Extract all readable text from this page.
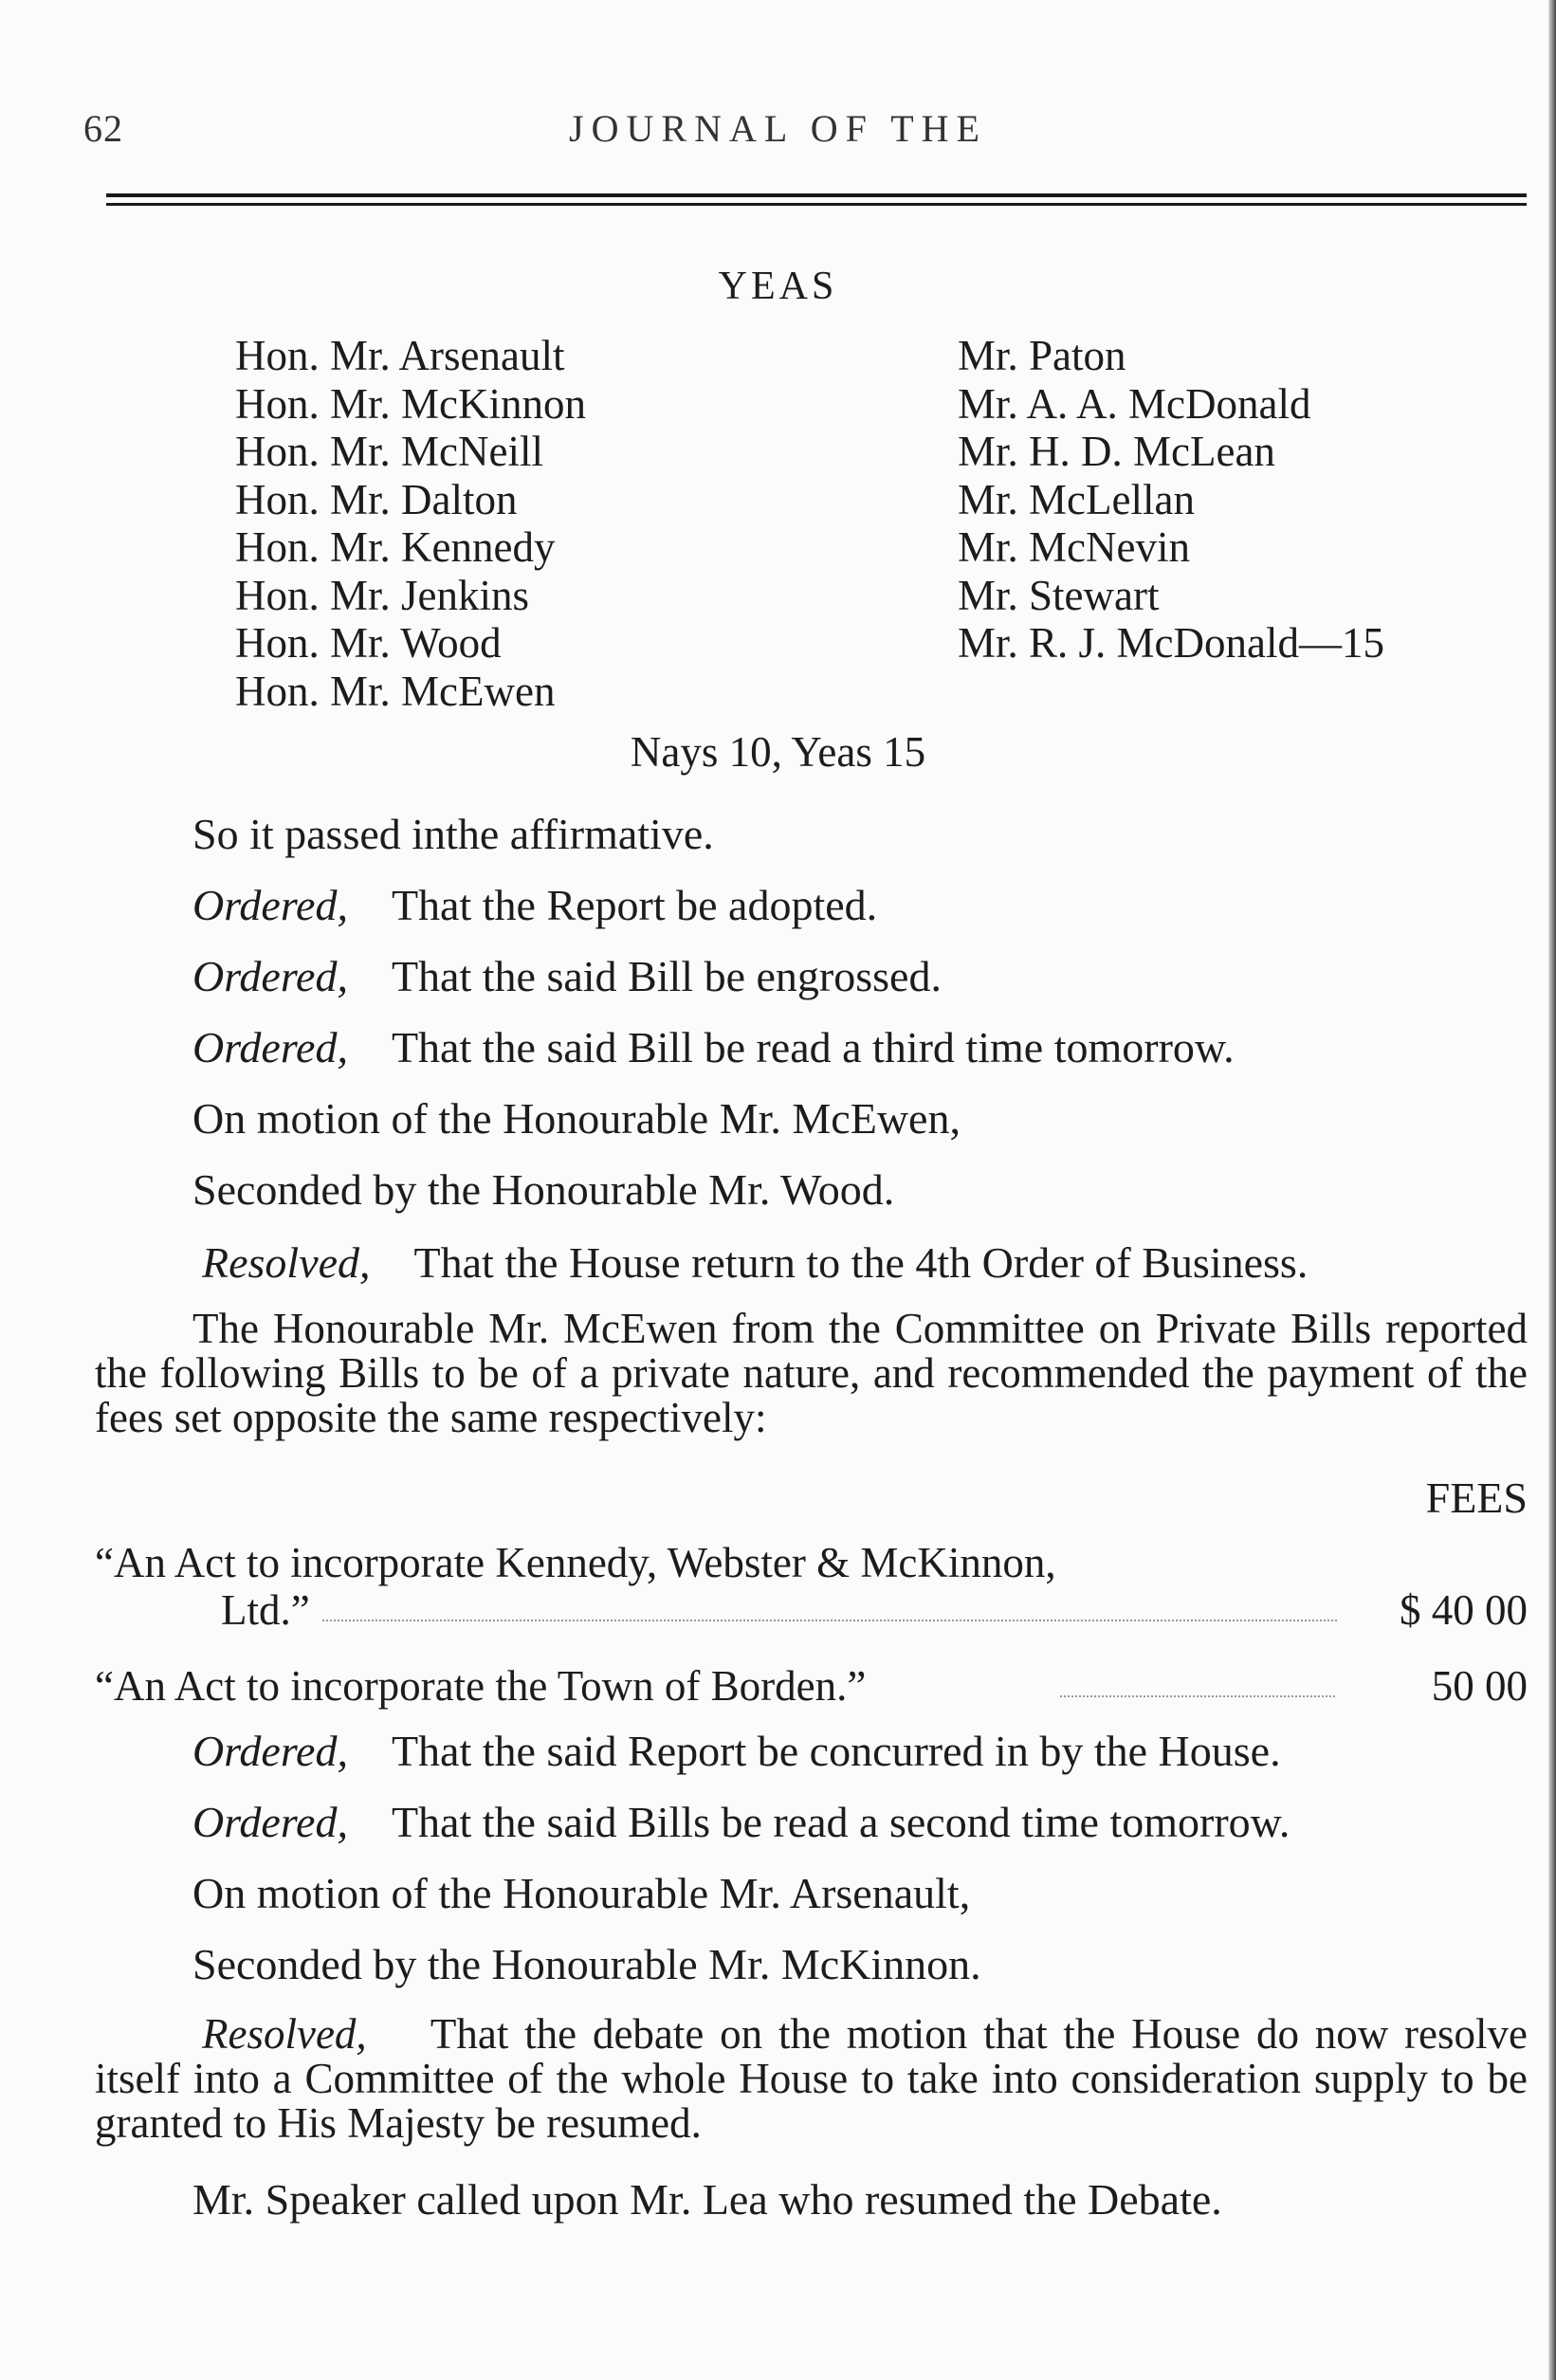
62	JOURNAL OF THE
YEAS
Hon. Mr. Arsenault
Hon. Mr. McKinnon
Hon. Mr. McNeill
Hon. Mr. Dalton
Hon. Mr. Kennedy
Hon. Mr. Jenkins
Hon. Mr. Wood
Hon. Mr. McEwen
Mr. Paton
Mr. A. A. McDonald
Mr. H. D. McLean
Mr. McLellan
Mr. McNevin
Mr. Stewart
Mr. R. J. McDonald—15
Nays 10, Yeas 15
So it passed inthe affirmative.
Ordered, That the Report be adopted.
Ordered, That the said Bill be engrossed.
Ordered, That the said Bill be read a third time tomorrow.
On motion of the Honourable Mr. McEwen,
Seconded by the Honourable Mr. Wood.
Resolved, That the House return to the 4th Order of Business.
The Honourable Mr. McEwen from the Committee on Private Bills reported the following Bills to be of a private nature, and recommended the payment of the fees set opposite the same respectively:
FEES
“An Act to incorporate Kennedy, Webster & McKinnon,
Ltd.”	$ 40 00
“An Act to incorporate the Town of Borden.”	50 00
Ordered, That the said Report be concurred in by the House.
Ordered, That the said Bills be read a second time tomorrow.
On motion of the Honourable Mr. Arsenault,
Seconded by the Honourable Mr. McKinnon.
Resolved, That the debate on the motion that the House do now resolve itself into a Committee of the whole House to take into consideration supply to be granted to His Majesty be resumed.
Mr. Speaker called upon Mr. Lea who resumed the Debate.
